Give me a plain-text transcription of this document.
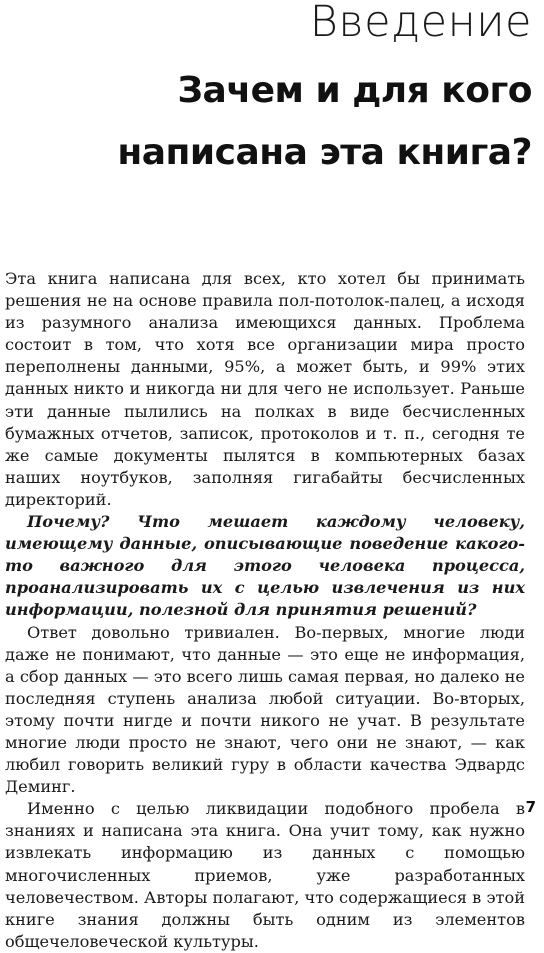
Введение
Зачем и для кого
написана эта книга?

Эта книга написана для всех, кто хотел бы принимать решения не на основе правила пол-потолок-палец, а исходя из разумного анализа имеющихся данных. Проблема состоит в том, что хотя все организации мира просто переполнены данными, 95%, а может быть, и 99% этих данных никто и никогда ни для чего не использует. Раньше эти данные пылились на полках в виде бесчисленных бумажных отчетов, записок, протоколов и т. п., сегодня те же самые документы пылятся в компьютерных базах наших ноутбуков, заполняя гигабайты бесчисленных директорий.

Почему? Что мешает каждому человеку, имеющему данные, описывающие поведение какого-то важного для этого человека процесса, проанализировать их с целью извлечения из них информации, полезной для принятия решений?

Ответ довольно тривиален. Во-первых, многие люди даже не понимают, что данные — это еще не информация, а сбор данных — это всего лишь самая первая, но далеко не последняя ступень анализа любой ситуации. Во-вторых, этому почти нигде и почти никого не учат. В результате многие люди просто не знают, чего они не знают, — как любил говорить великий гуру в области качества Эдвардс Деминг.

Именно с целью ликвидации подобного пробела в знаниях и написана эта книга. Она учит тому, как нужно извлекать информацию из данных с помощью многочисленных приемов, уже разработанных человечеством. Авторы полагают, что содержащиеся в этой книге знания должны быть одним из элементов общечеловеческой культуры.

7
